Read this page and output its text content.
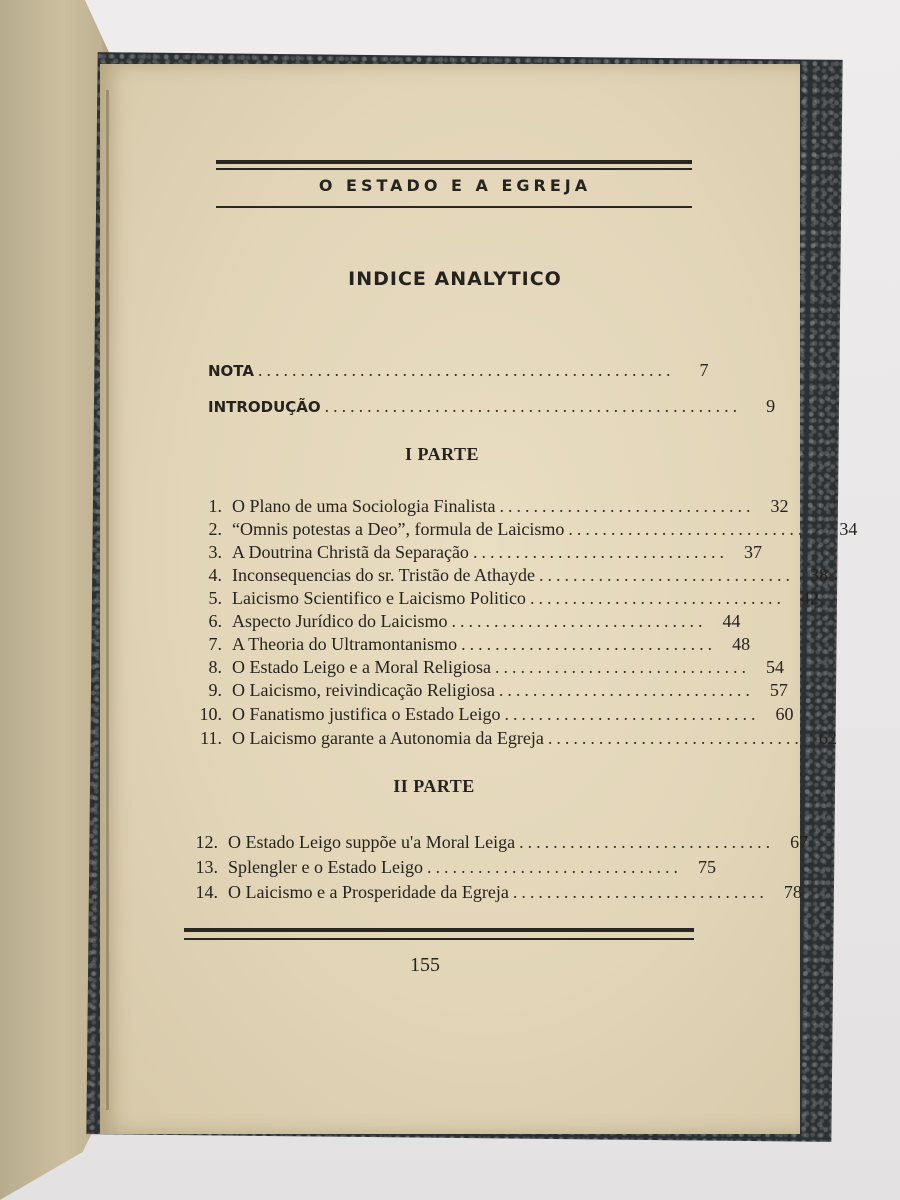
O ESTADO E A EGREJA
INDICE ANALYTICO
NOTA .................................................	7
INTRODUÇÃO .................................................	9
I PARTE
1. O Plano de uma Sociologia Finalista .............................. 32
2. “Omnis potestas a Deo”, formula de Laicismo .............................. 34
3. A Doutrina Christã da Separação .............................. 37
4. Inconsequencias do sr. Tristão de Athayde .............................. 38
5. Laicismo Scientifico e Laicismo Politico .............................. 42
6. Aspecto Jurídico do Laicismo .............................. 44
7. A Theoria do Ultramontanismo .............................. 48
8. O Estado Leigo e a Moral Religiosa .............................. 54
9. O Laicismo, reivindicação Religiosa .............................. 57
10. O Fanatismo justifica o Estado Leigo .............................. 60
11. O Laicismo garante a Autonomia da Egreja .............................. 62
II PARTE
12. O Estado Leigo suppõe u'a Moral Leiga .............................. 67
13. Splengler e o Estado Leigo .............................. 75
14. O Laicismo e a Prosperidade da Egreja .............................. 78
155
